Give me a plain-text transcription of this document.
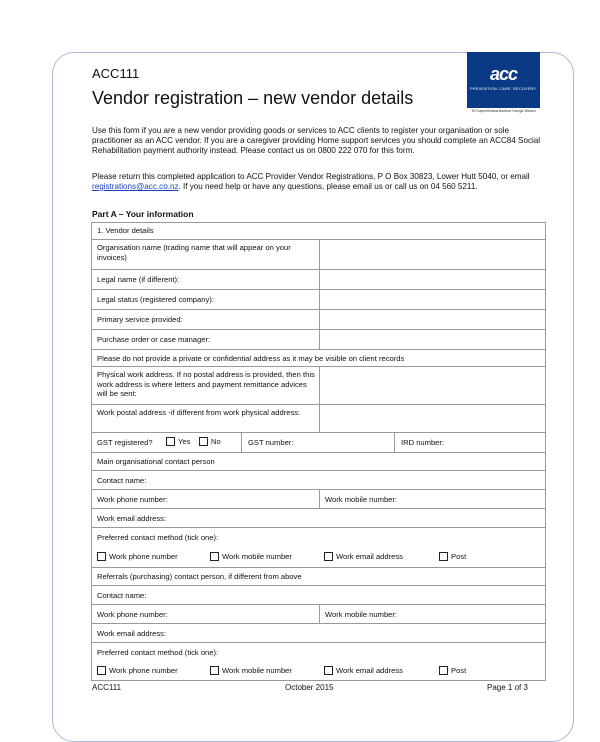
ACC111
Vendor registration – new vendor details
acc
PREVENTION. CARE. RECOVERY.
Te Kaporeihana Awhina Hunga Whara
Use this form if you are a new vendor providing goods or services to ACC clients to register your organisation or sole practitioner as an ACC vendor. If you are a caregiver providing Home support services you should complete an ACC84 Social Rehabilitation payment authority instead. Please contact us on 0800 222 070 for this form.
Please return this completed application to ACC Provider Vendor Registrations, P O Box 30823, Lower Hutt 5040, or email registrations@acc.co.nz. If you need help or have any questions, please email us or call us on 04 560 5211.
Part A – Your information
1. Vendor details
Organisation name (trading name that will appear on your invoices)
Legal name (if different):
Legal status (registered company):
Primary service provided:
Purchase order or case manager:
Please do not provide a private or confidential address as it may be visible on client records
Physical work address. If no postal address is provided, then this work address is where letters and payment remittance advices will be sent:
Work postal address -if different from work physical address:
GST registered?	Yes	No	GST number:	IRD number:
Main organisational contact person
Contact name:
Work phone number:	Work mobile number:
Work email address:
Preferred contact method (tick one):
Work phone number	Work mobile number	Work email address	Post
Referrals (purchasing) contact person, if different from above
Contact name:
Work phone number:	Work mobile number:
Work email address:
Preferred contact method (tick one):
Work phone number	Work mobile number	Work email address	Post
ACC111	October 2015	Page 1 of 3
